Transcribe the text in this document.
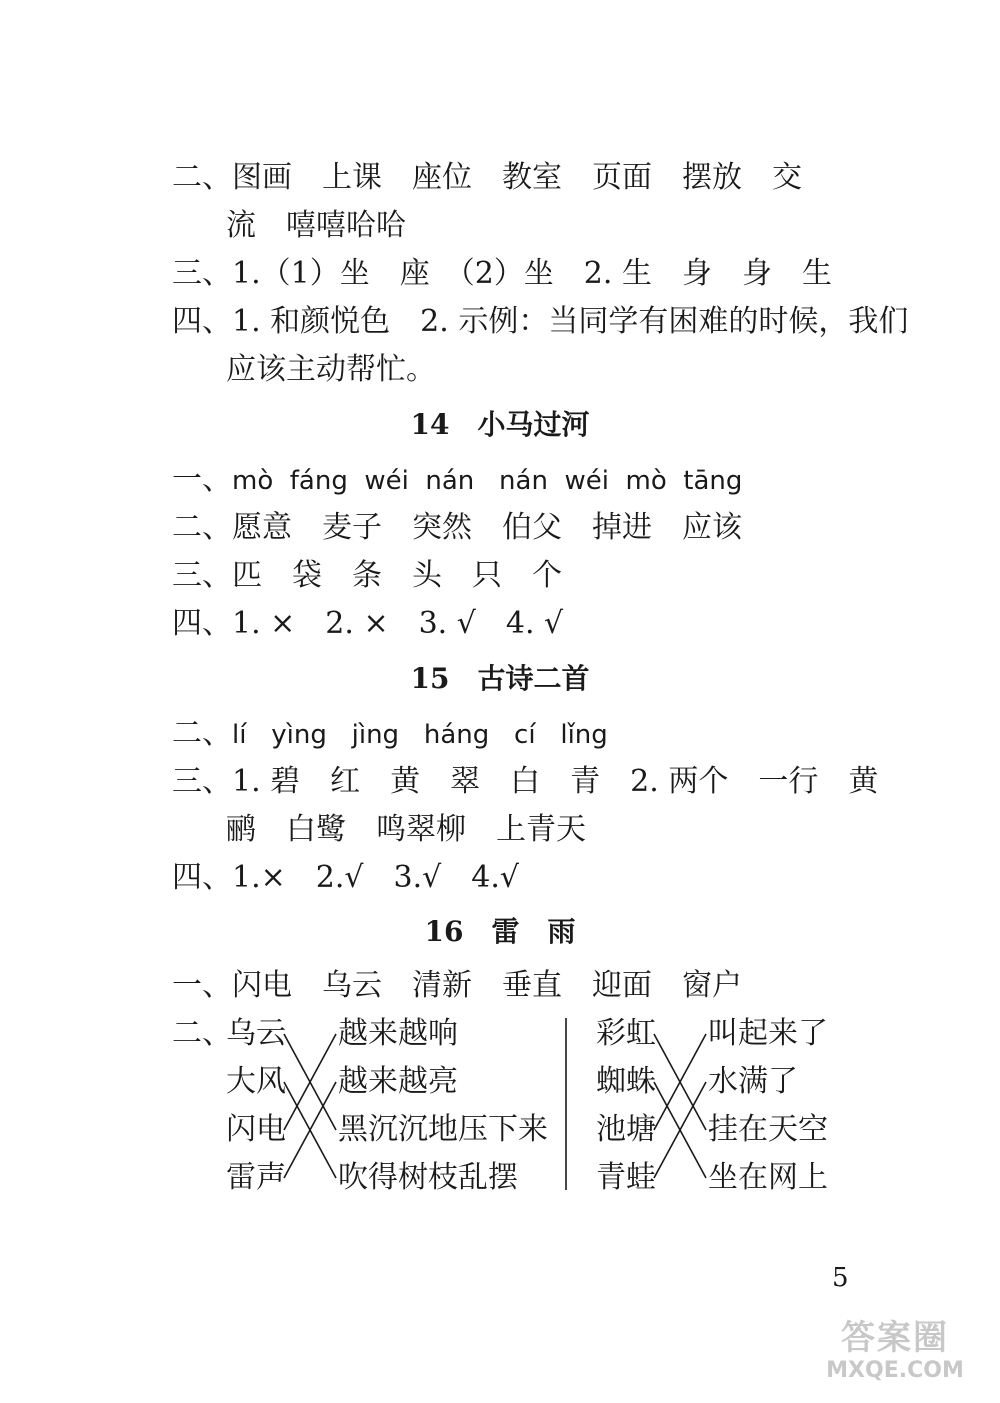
二、图画　上课　座位　教室　页面　摆放　交
流　嘻嘻哈哈
三、1.（1）坐　座　（2）坐　2. 生　身　身　生
四、1. 和颜悦色　2. 示例：当同学有困难的时候，我们
应该主动帮忙。
14 小马过河
一、mò  fáng  wéi  nán   nán  wéi  mò  tāng
二、愿意　麦子　突然　伯父　掉进　应该
三、匹　袋　条　头　只　个
四、1. ×　2. ×　3. √　4. √
15 古诗二首
二、lí   yìng   jìng   háng   cí   lǐng
三、1. 碧　红　黄　翠　白　青　2. 两个　一行　黄
鹂　白鹭　鸣翠柳　上青天
四、1.×　2.√　3.√　4.√
16 雷 雨
一、闪电　乌云　清新　垂直　迎面　窗户
二、
乌云
大风
闪电
雷声
越来越响
越来越亮
黑沉沉地压下来
吹得树枝乱摆
彩虹
蜘蛛
池塘
青蛙
叫起来了
水满了
挂在天空
坐在网上
5
答案圈
MXQE.COM
